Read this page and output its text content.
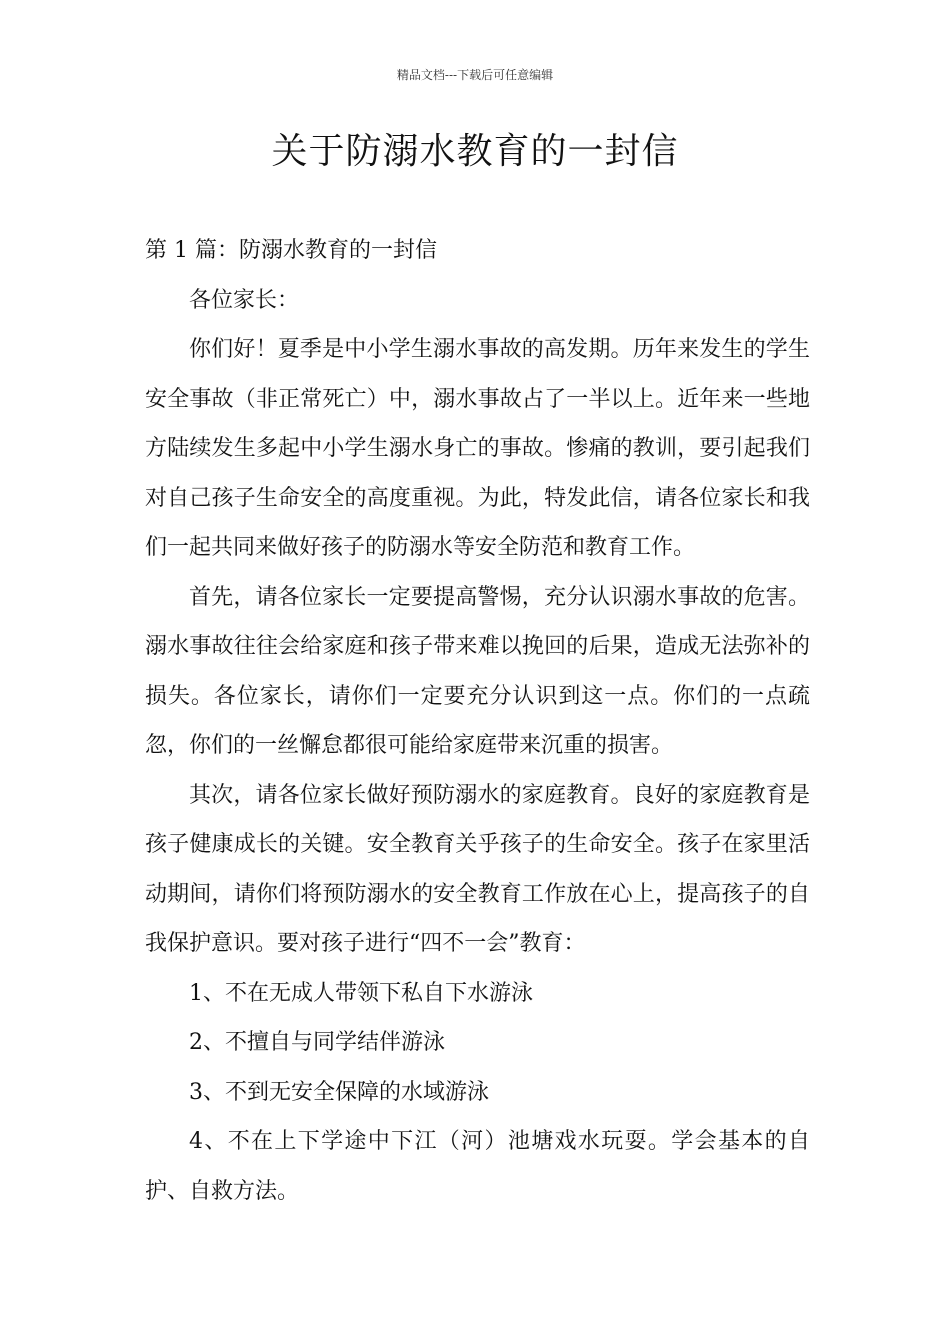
精品文档---下载后可任意编辑
关于防溺水教育的一封信

第 1 篇：防溺水教育的一封信

各位家长：

你们好！夏季是中小学生溺水事故的高发期。历年来发生的学生安全事故（非正常死亡）中，溺水事故占了一半以上。近年来一些地方陆续发生多起中小学生溺水身亡的事故。惨痛的教训，要引起我们对自己孩子生命安全的高度重视。为此，特发此信，请各位家长和我们一起共同来做好孩子的防溺水等安全防范和教育工作。

首先，请各位家长一定要提高警惕，充分认识溺水事故的危害。溺水事故往往会给家庭和孩子带来难以挽回的后果，造成无法弥补的损失。各位家长，请你们一定要充分认识到这一点。你们的一点疏忽，你们的一丝懈怠都很可能给家庭带来沉重的损害。

其次，请各位家长做好预防溺水的家庭教育。良好的家庭教育是孩子健康成长的关键。安全教育关乎孩子的生命安全。孩子在家里活动期间，请你们将预防溺水的安全教育工作放在心上，提高孩子的自我保护意识。要对孩子进行“四不一会”教育：

1、不在无成人带领下私自下水游泳

2、不擅自与同学结伴游泳

3、不到无安全保障的水域游泳

4、不在上下学途中下江（河）池塘戏水玩耍。学会基本的自护、自救方法。
